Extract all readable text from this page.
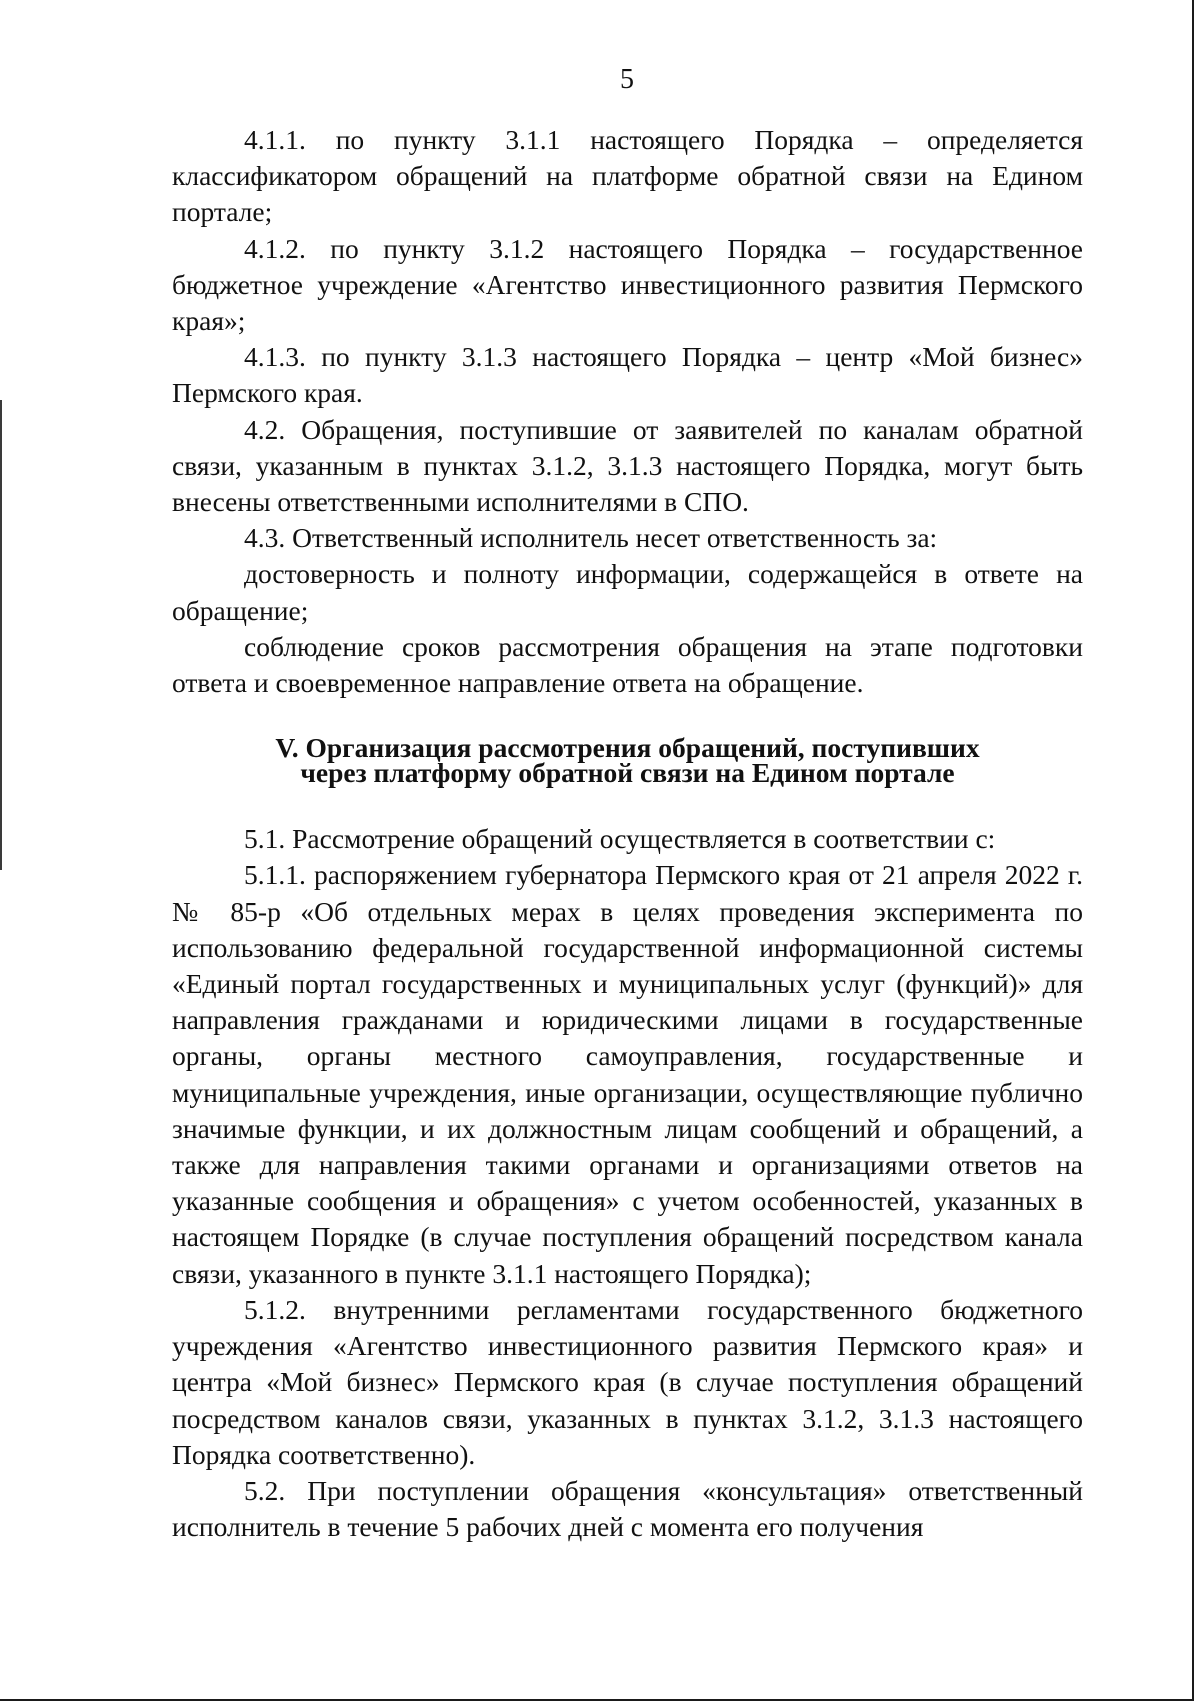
5

4.1.1. по пункту 3.1.1 настоящего Порядка – определяется классификатором обращений на платформе обратной связи на Едином портале;

4.1.2. по пункту 3.1.2 настоящего Порядка – государственное бюджетное учреждение «Агентство инвестиционного развития Пермского края»;

4.1.3. по пункту 3.1.3 настоящего Порядка – центр «Мой бизнес» Пермского края.

4.2. Обращения, поступившие от заявителей по каналам обратной связи, указанным в пунктах 3.1.2, 3.1.3 настоящего Порядка, могут быть внесены ответственными исполнителями в СПО.

4.3. Ответственный исполнитель несет ответственность за:

достоверность и полноту информации, содержащейся в ответе на обращение;

соблюдение сроков рассмотрения обращения на этапе подготовки ответа и своевременное направление ответа на обращение.

V. Организация рассмотрения обращений, поступивших
через платформу обратной связи на Едином портале

5.1. Рассмотрение обращений осуществляется в соответствии с:

5.1.1. распоряжением губернатора Пермского края от 21 апреля 2022 г. № 85-р «Об отдельных мерах в целях проведения эксперимента по использованию федеральной государственной информационной системы «Единый портал государственных и муниципальных услуг (функций)» для направления гражданами и юридическими лицами в государственные органы, органы местного самоуправления, государственные и муниципальные учреждения, иные организации, осуществляющие публично значимые функции, и их должностным лицам сообщений и обращений, а также для направления такими органами и организациями ответов на указанные сообщения и обращения» с учетом особенностей, указанных в настоящем Порядке (в случае поступления обращений посредством канала связи, указанного в пункте 3.1.1 настоящего Порядка);

5.1.2. внутренними регламентами государственного бюджетного учреждения «Агентство инвестиционного развития Пермского края» и центра «Мой бизнес» Пермского края (в случае поступления обращений посредством каналов связи, указанных в пунктах 3.1.2, 3.1.3 настоящего Порядка соответственно).

5.2. При поступлении обращения «консультация» ответственный исполнитель в течение 5 рабочих дней с момента его получения
